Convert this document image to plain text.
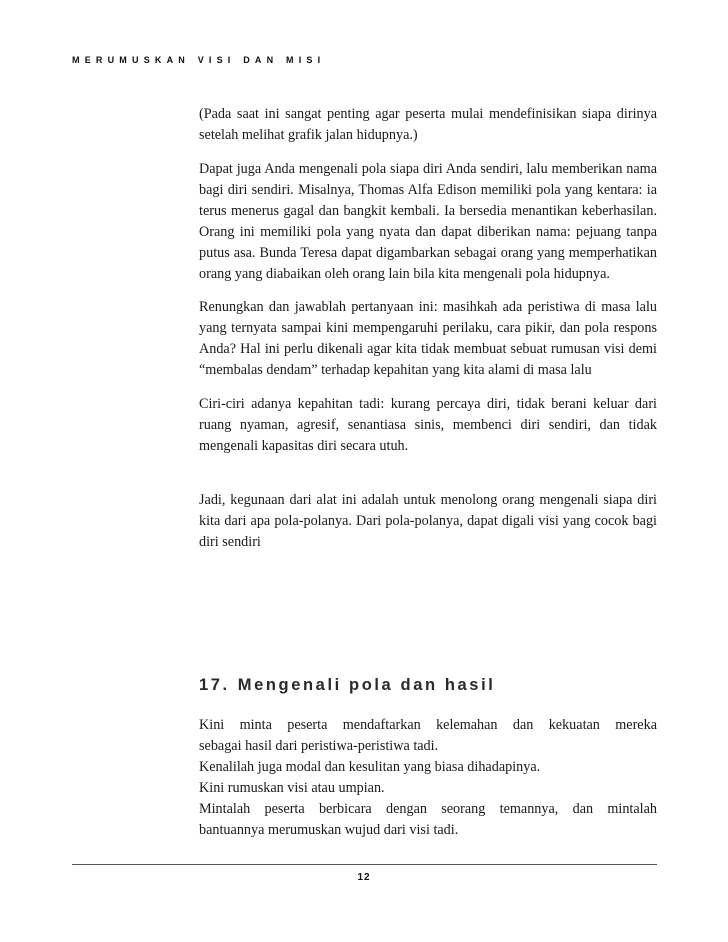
MERUMUSKAN VISI DAN MISI

(Pada saat ini sangat penting agar peserta mulai mendefinisikan siapa dirinya setelah melihat grafik jalan hidupnya.)

Dapat juga Anda mengenali pola siapa diri Anda sendiri, lalu memberikan nama bagi diri sendiri. Misalnya, Thomas Alfa Edison memiliki pola yang kentara: ia terus menerus gagal dan bangkit kembali. Ia bersedia menantikan keberhasilan. Orang ini memiliki pola yang nyata dan dapat diberikan nama: pejuang tanpa putus asa. Bunda Teresa dapat digambarkan sebagai orang yang memperhatikan orang yang diabaikan oleh orang lain bila kita mengenali pola hidupnya.

Renungkan dan jawablah pertanyaan ini: masihkah ada peristiwa di masa lalu yang ternyata sampai kini mempengaruhi perilaku, cara pikir, dan pola respons Anda? Hal ini perlu dikenali agar kita tidak membuat sebuat rumusan visi demi “membalas dendam” terhadap kepahitan yang kita alami di masa lalu

Ciri-ciri adanya kepahitan tadi: kurang percaya diri, tidak berani keluar dari ruang nyaman, agresif, senantiasa sinis, membenci diri sendiri, dan tidak mengenali kapasitas diri secara utuh.

Jadi, kegunaan dari alat ini adalah untuk menolong orang mengenali siapa diri kita dari apa pola-polanya. Dari pola-polanya, dapat digali visi yang cocok bagi diri sendiri

17. Mengenali pola dan hasil

Kini minta peserta mendaftarkan kelemahan dan kekuatan mereka

sebagai hasil dari peristiwa-peristiwa tadi.

Kenalilah juga modal dan kesulitan yang biasa dihadapinya.

Kini rumuskan visi atau umpian.

Mintalah peserta berbicara dengan seorang temannya, dan mintalah

bantuannya merumuskan wujud dari visi tadi.

12
